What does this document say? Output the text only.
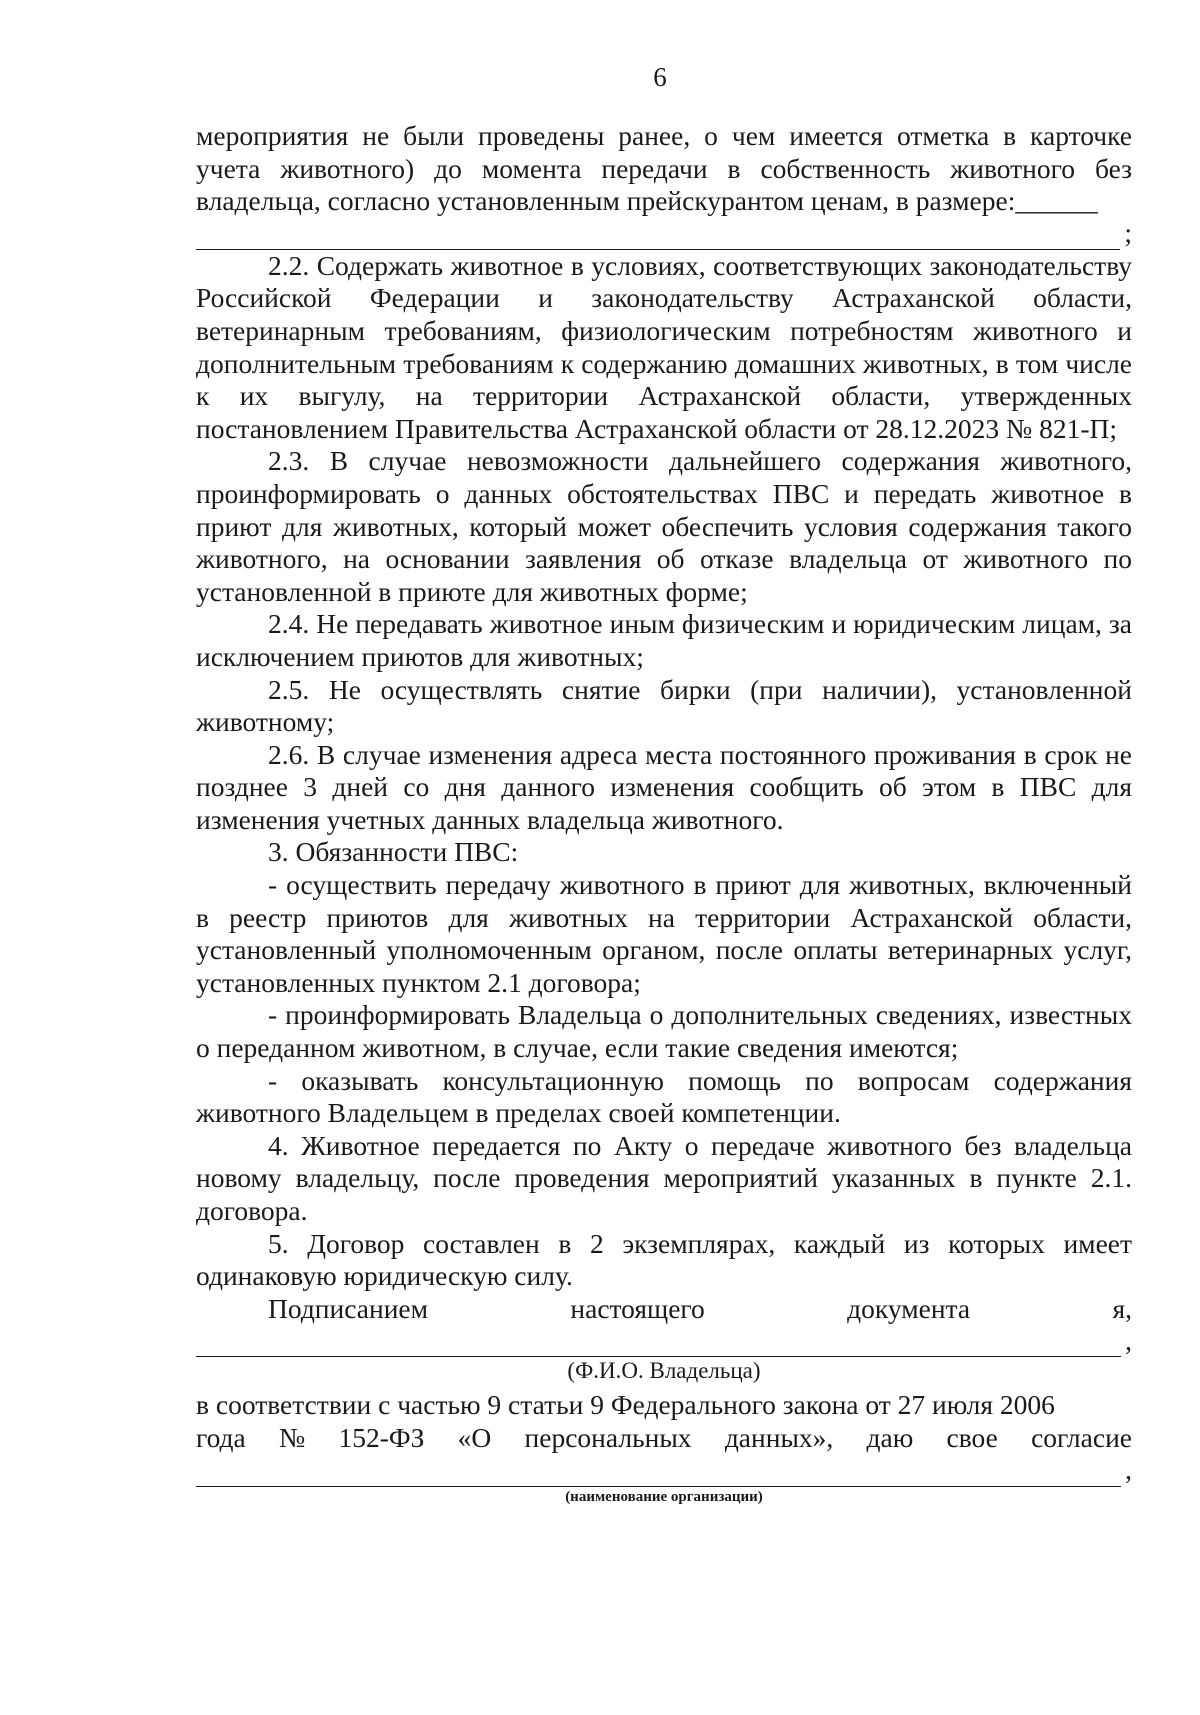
6

мероприятия не были проведены ранее, о чем имеется отметка в карточке учета животного) до момента передачи в собственность животного без владельца, согласно установленным прейскурантом ценам, в размере:______

;

2.2. Содержать животное в условиях, соответствующих законодательству Российской Федерации и законодательству Астраханской области, ветеринарным требованиям, физиологическим потребностям животного и дополнительным требованиям к содержанию домашних животных, в том числе к их выгулу, на территории Астраханской области, утвержденных постановлением Правительства Астраханской области от 28.12.2023 № 821-П;

2.3. В случае невозможности дальнейшего содержания животного, проинформировать о данных обстоятельствах ПВС и передать животное в приют для животных, который может обеспечить условия содержания такого животного, на основании заявления об отказе владельца от животного по установленной в приюте для животных форме;

2.4. Не передавать животное иным физическим и юридическим лицам, за исключением приютов для животных;

2.5. Не осуществлять снятие бирки (при наличии), установленной животному;

2.6. В случае изменения адреса места постоянного проживания в срок не позднее 3 дней со дня данного изменения сообщить об этом в ПВС для изменения учетных данных владельца животного.

3. Обязанности ПВС:

- осуществить передачу животного в приют для животных, включенный в реестр приютов для животных на территории Астраханской области, установленный уполномоченным органом, после оплаты ветеринарных услуг, установленных пунктом 2.1 договора;

- проинформировать Владельца о дополнительных сведениях, известных о переданном животном, в случае, если такие сведения имеются;

- оказывать консультационную помощь по вопросам содержания животного Владельцем в пределах своей компетенции.

4. Животное передается по Акту о передаче животного без владельца новому владельцу, после проведения мероприятий указанных в пункте 2.1. договора.

5. Договор составлен в 2 экземплярах, каждый из которых имеет одинаковую юридическую силу.

Подписанием	настоящего	документа	я,
,
(Ф.И.О. Владельца)

в соответствии с частью 9 статьи 9 Федерального закона от 27 июля 2006

года № 152-ФЗ «О персональных данных», даю свое согласие
,
(наименование организации)
